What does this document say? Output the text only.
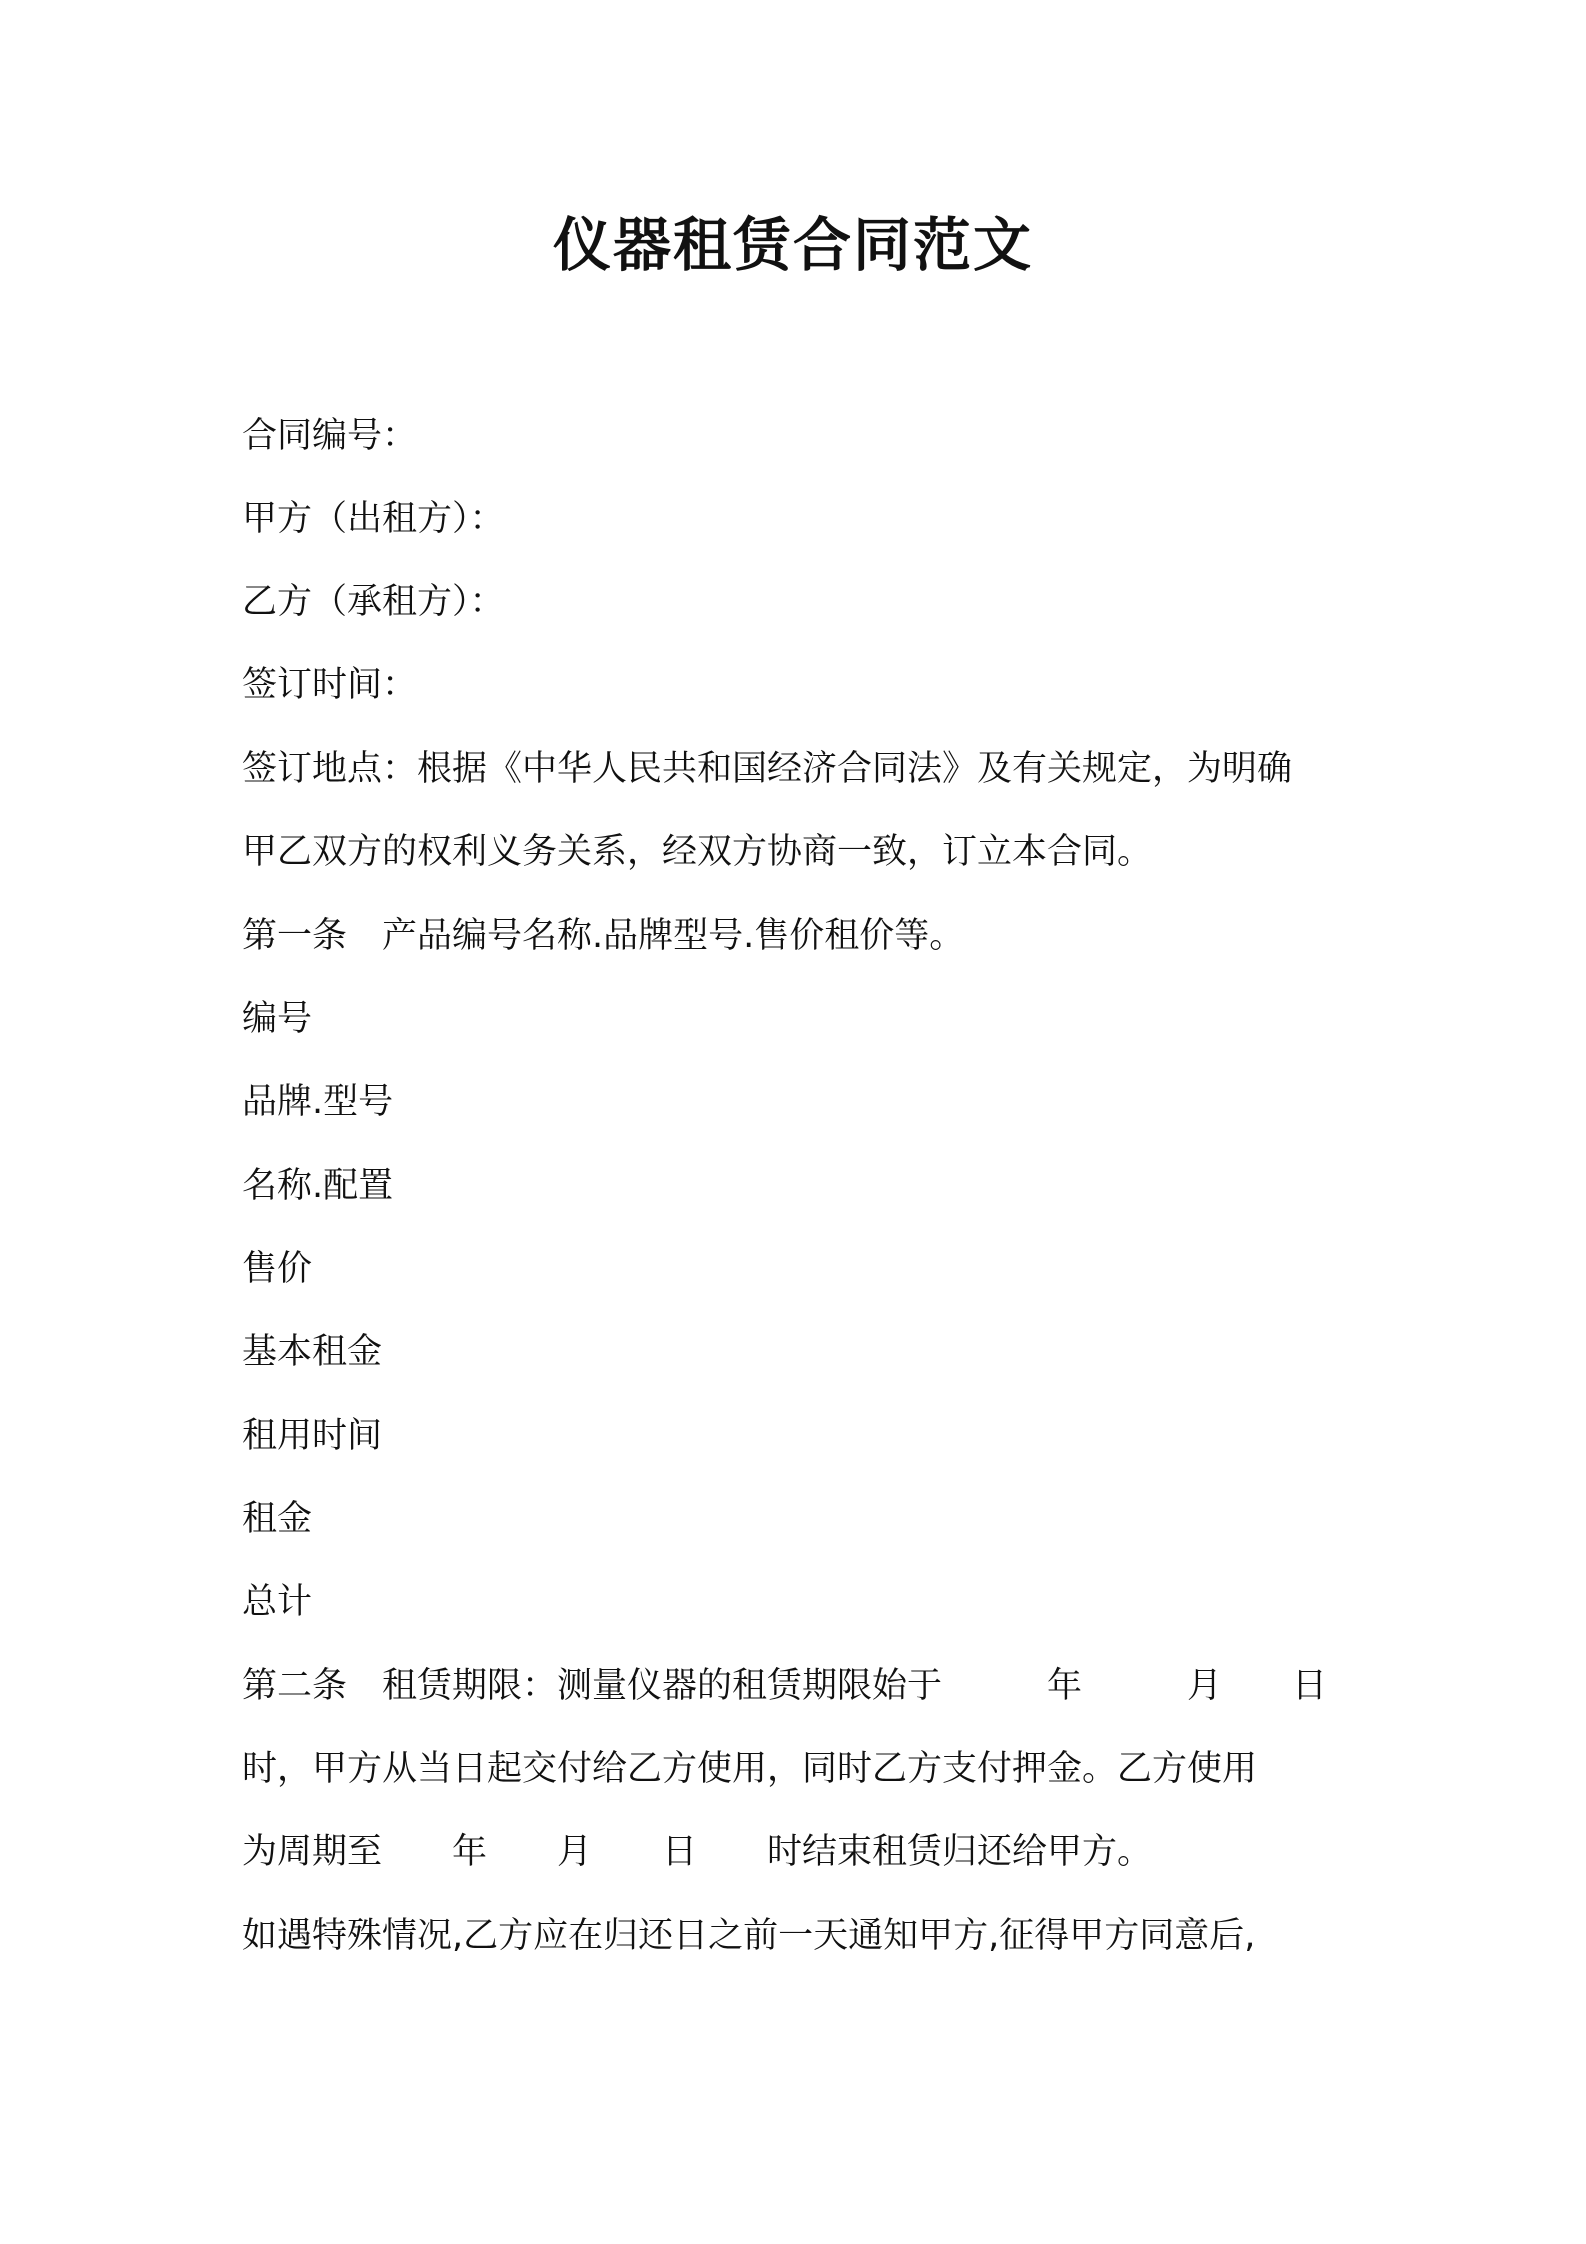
仪器租赁合同范文

合同编号：

甲方（出租方）：

乙方（承租方）：

签订时间：

签订地点：根据《中华人民共和国经济合同法》及有关规定，为明确

甲乙双方的权利义务关系，经双方协商一致，订立本合同。

第一条　产品编号名称.品牌型号.售价租价等。

编号

品牌.型号

名称.配置

售价

基本租金

租用时间

租金

总计

第二条　租赁期限：测量仪器的租赁期限始于　　　年　　　月　　日

时，甲方从当日起交付给乙方使用，同时乙方支付押金。乙方使用

为周期至　　年　　月　　日　　时结束租赁归还给甲方。

如遇特殊情况,乙方应在归还日之前一天通知甲方,征得甲方同意后,
